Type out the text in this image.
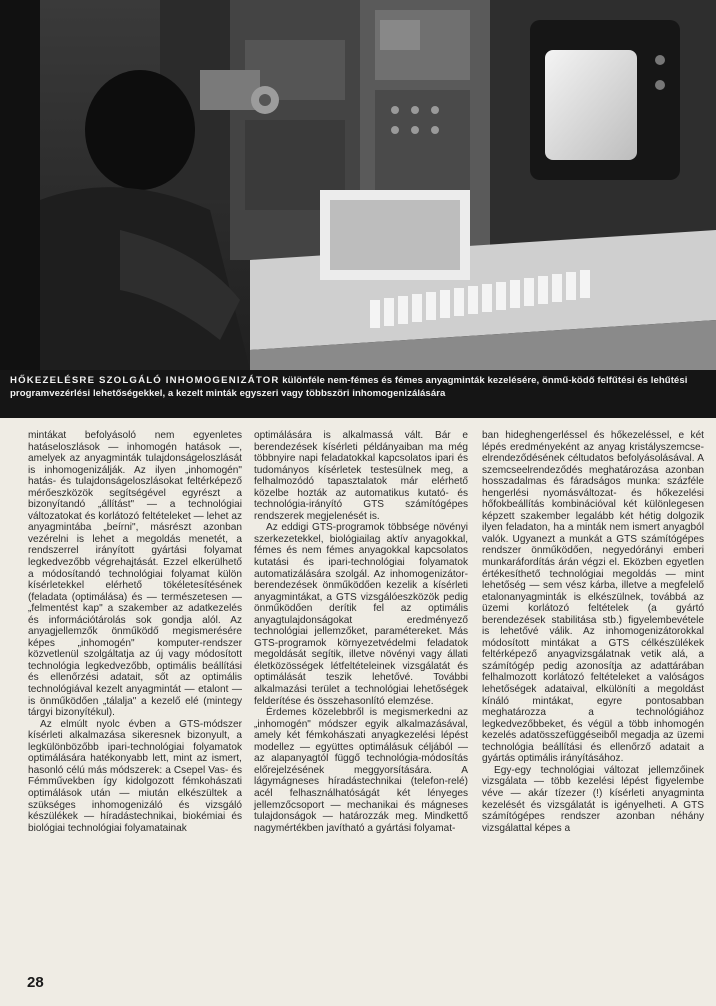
HŐKEZELÉSRE SZOLGÁLÓ INHOMOGENIZÁTOR különféle nem-fémes és fémes anyagminták kezelésére, önmű-ködő felfűtési és lehűtési programvezérlési lehetőségekkel, a kezelt minták egyszeri vagy többszöri inhomogenizálására

mintákat befolyásoló nem egyenletes hatáseloszlások — inhomogén hatások —, amelyek az anyagminták tulajdonságeloszlását is inhomogenizálják. Az ilyen „inhomogén" hatás- és tulajdonságeloszlásokat feltérképező mérőeszközök segítségével egyrészt a bizonyítandó „állítást" — a technológiai változatokat és korlátozó feltételeket — lehet az anyagmintába „beírni", másrészt azonban vezérelni is lehet a megoldás menetét, a rendszerrel irányított gyártási folyamat legkedvezőbb végrehajtását. Ezzel elkerülhető a módosítandó technológiai folyamat külön kísérletekkel elérhető tökéletesítésének (feladata (optimálása) és — természetesen — „felmentést kap" a szakember az adatkezelés és információtárolás sok gondja alól. Az anyagjellemzők önműködő megismerésére képes „inhomogén" komputer-rendszer közvetlenül szolgáltatja az új vagy módosított technológia legkedvezőbb, optimális beállítási és ellenőrzési adatait, sőt az optimális technológiával kezelt anyagmintát — etalont — is önműködően „tálalja" a kezelő elé (mintegy tárgyi bizonyítékul).

Az elmúlt nyolc évben a GTS-módszer kísérleti alkalmazása sikeresnek bizonyult, a legkülönbözőbb ipari-technológiai folyamatok optimálására hatékonyabb lett, mint az ismert, hasonló célú más módszerek: a Csepel Vas- és Fémművekben így kidolgozott fémkohászati optimálások után — miután elkészültek a szükséges inhomogenizáló és vizsgáló készülékek — híradástechnikai, biokémiai és biológiai technológiai folyamatainak

optimálására is alkalmassá vált. Bár e berendezések kísérleti példányaiban ma még többnyire napi feladatokkal kapcsolatos ipari és tudományos kísérletek testesülnek meg, a felhalmozódó tapasztalatok már elérhető közelbe hozták az automatikus kutató- és technológia-irányító GTS számítógépes rendszerek megjelenését is.

Az eddigi GTS-programok többsége növényi szerkezetekkel, biológiailag aktív anyagokkal, fémes és nem fémes anyagokkal kapcsolatos kutatási és ipari-technológiai folyamatok automatizálására szolgál. Az inhomogenizátor-berendezések önműködően kezelik a kísérleti anyagmintákat, a GTS vizsgálóeszközök pedig önműködően derítik fel az optimális anyagtulajdonságokat eredményező technológiai jellemzőket, paramétereket. Más GTS-programok környezetvédelmi feladatok megoldását segítik, illetve növényi vagy állati életközösségek létfeltételeinek vizsgálatát és optimálását teszik lehetővé. További alkalmazási terület a technológiai lehetőségek felderítése és összehasonlító elemzése.

Érdemes közelebbről is megismerkedni az „inhomogén" módszer egyik alkalmazásával, amely két fémkohászati anyagkezelési lépést modellez — együttes optimálásuk céljából — az alapanyagtól függő technológia-módosítás előrejelzésének meggyorsítására. A lágymágneses híradástechnikai (telefon-relé) acél felhasználhatóságát két lényeges jellemzőcsoport — mechanikai és mágneses tulajdonságok — határozzák meg. Mindkettő nagymértékben javítható a gyártási folyamat-

ban hideghengerléssel és hőkezeléssel, e két lépés eredményeként az anyag kristályszemcse-elrendeződésének céltudatos befolyásolásával. A szemcseelrendeződés meghatározása azonban hosszadalmas és fáradságos munka: százféle hengerlési nyomásváltozat- és hőkezelési hőfokbeállítás kombinációval két különlegesen képzett szakember legalább két hétig dolgozik ilyen feladaton, ha a minták nem ismert anyagból valók. Ugyanezt a munkát a GTS számítógépes rendszer önműködően, negyedórányi emberi munkaráfordítás árán végzi el. Eközben egyetlen értékesíthető technológiai megoldás — mint lehetőség — sem vész kárba, illetve a megfelelő etalonanyagminták is elkészülnek, továbbá az üzemi korlátozó feltételek (a gyártó berendezések stabilitása stb.) figyelembevétele is lehetővé válik. Az inhomogenizátorokkal módosított mintákat a GTS célkészülékek feltérképező anyagvizsgálatnak vetik alá, a számítógép pedig azonosítja az adattárában felhalmozott korlátozó feltételeket a valóságos lehetőségek adataival, elkülöníti a megoldást kínáló mintákat, egyre pontosabban meghatározza a technológiához legkedvezőbbeket, és végül a több inhomogén kezelés adatösszefüggéseiből megadja az üzemi technológia beállítási és ellenőrző adatait a gyártás optimális irányításához.

Egy-egy technológiai változat jellemzőinek vizsgálata — több kezelési lépést figyelembe véve — akár tízezer (!) kísérleti anyagminta kezelését és vizsgálatát is igényelheti. A GTS számítógépes rendszer azonban néhány vizsgálattal képes a

28
